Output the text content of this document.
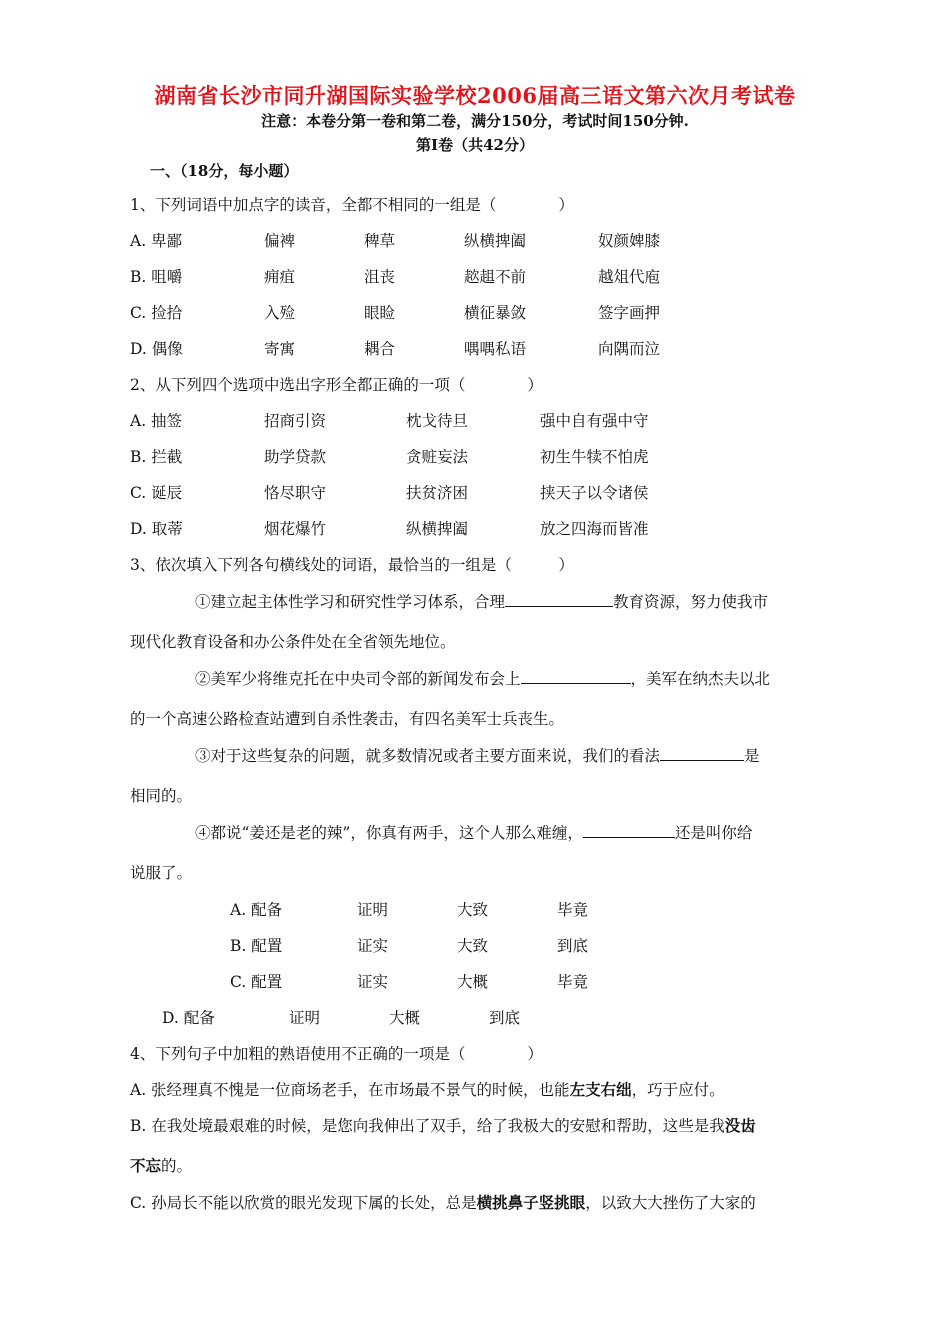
湖南省长沙市同升湖国际实验学校2006届高三语文第六次月考试卷
注意：本卷分第一卷和第二卷，满分150分，考试时间150分钟.
第Ⅰ卷（共42分）
一、（18分，每小题）
1、下列词语中加点字的读音，全都不相同的一组是（　　　　）
A. 卑鄙	偏裨	稗草	纵横捭阖	奴颜婢膝
B. 咀嚼	痈疽	沮丧	趑趄不前	越俎代庖
C. 捡拾	入殓	眼睑	横征暴敛	签字画押
D. 偶像	寄寓	耦合	喁喁私语	向隅而泣
2、从下列四个选项中选出字形全都正确的一项（　　　　）
A. 抽签	招商引资	枕戈待旦	强中自有强中守
B. 拦截	助学贷款	贪赃妄法	初生牛犊不怕虎
C. 诞辰	恪尽职守	扶贫济困	挟天子以令诸侯
D. 取蒂	烟花爆竹	纵横捭阖	放之四海而皆准
3、依次填入下列各句横线处的词语，最恰当的一组是（　　　）
①建立起主体性学习和研究性学习体系，合理	教育资源，努力使我市
现代化教育设备和办公条件处在全省领先地位。
②美军少将维克托在中央司令部的新闻发布会上	，美军在纳杰夫以北
的一个高速公路检查站遭到自杀性袭击，有四名美军士兵丧生。
③对于这些复杂的问题，就多数情况或者主要方面来说，我们的看法	是
相同的。
④都说“姜还是老的辣”，你真有两手，这个人那么难缠，	还是叫你给
说服了。
A. 配备	证明	大致	毕竟
B. 配置	证实	大致	到底
C. 配置	证实	大概	毕竟
D. 配备	证明	大概	到底
4、下列句子中加粗的熟语使用不正确的一项是（　　　　）
A. 张经理真不愧是一位商场老手，在市场最不景气的时候，也能左支右绌，巧于应付。
B. 在我处境最艰难的时候，是您向我伸出了双手，给了我极大的安慰和帮助，这些是我没齿
不忘的。
C. 孙局长不能以欣赏的眼光发现下属的长处，总是横挑鼻子竖挑眼，以致大大挫伤了大家的
